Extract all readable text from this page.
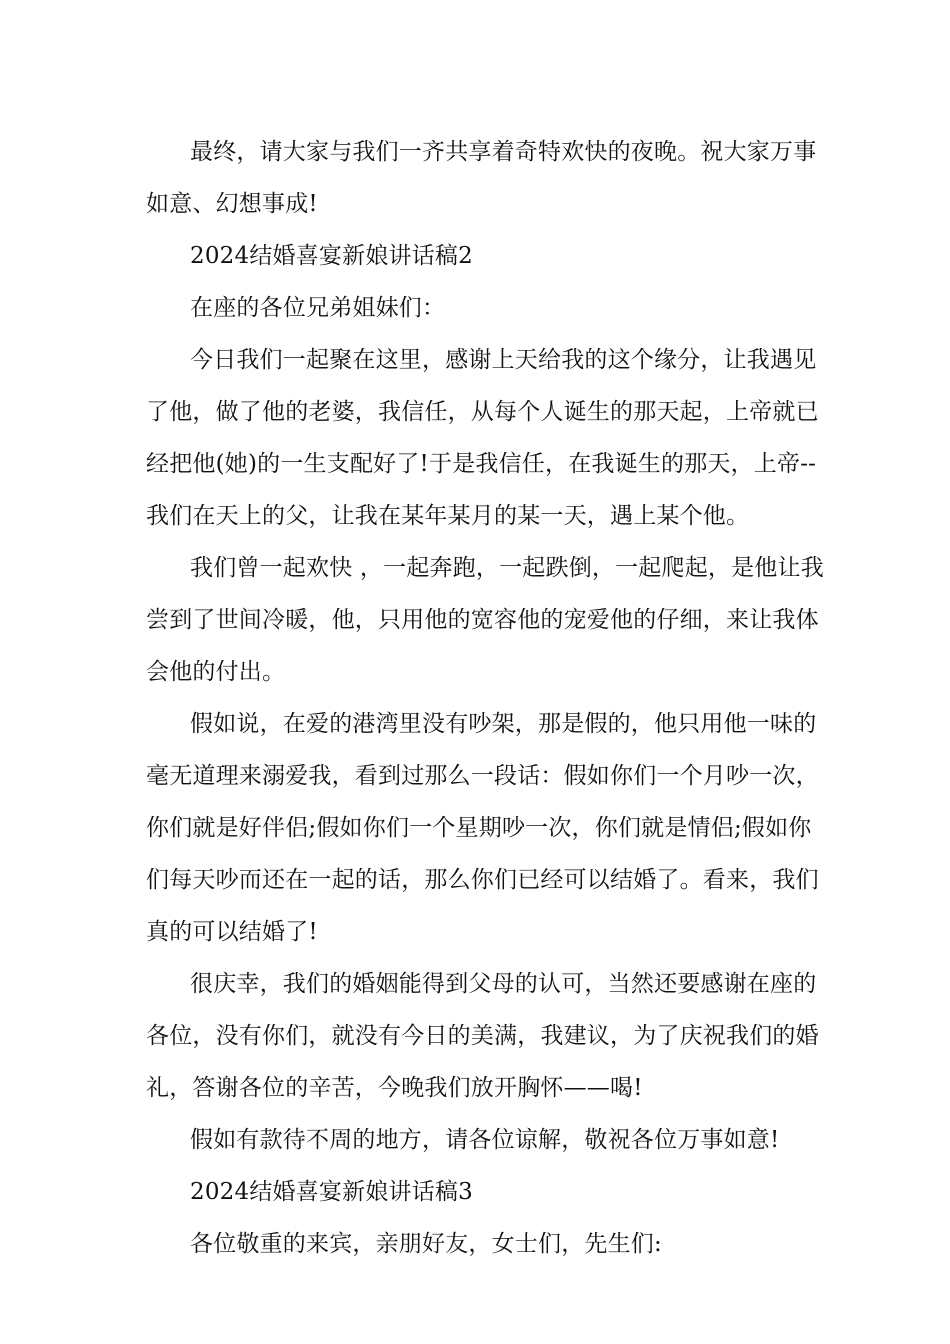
最终，请大家与我们一齐共享着奇特欢快的夜晚。祝大家万事
如意、幻想事成!
2024结婚喜宴新娘讲话稿2
在座的各位兄弟姐妹们：
今日我们一起聚在这里，感谢上天给我的这个缘分，让我遇见
了他，做了他的老婆，我信任，从每个人诞生的那天起，上帝就已
经把他(她)的一生支配好了!于是我信任，在我诞生的那天，上帝--
我们在天上的父，让我在某年某月的某一天，遇上某个他。
我们曾一起欢快 ，一起奔跑，一起跌倒，一起爬起，是他让我
尝到了世间冷暖，他，只用他的宽容他的宠爱他的仔细，来让我体
会他的付出。
假如说，在爱的港湾里没有吵架，那是假的，他只用他一味的
毫无道理来溺爱我，看到过那么一段话：假如你们一个月吵一次，
你们就是好伴侣;假如你们一个星期吵一次，你们就是情侣;假如你
们每天吵而还在一起的话，那么你们已经可以结婚了。看来，我们
真的可以结婚了!
很庆幸，我们的婚姻能得到父母的认可，当然还要感谢在座的
各位，没有你们，就没有今日的美满，我建议，为了庆祝我们的婚
礼，答谢各位的辛苦，今晚我们放开胸怀——喝!
假如有款待不周的地方，请各位谅解，敬祝各位万事如意!
2024结婚喜宴新娘讲话稿3
各位敬重的来宾，亲朋好友，女士们，先生们:
